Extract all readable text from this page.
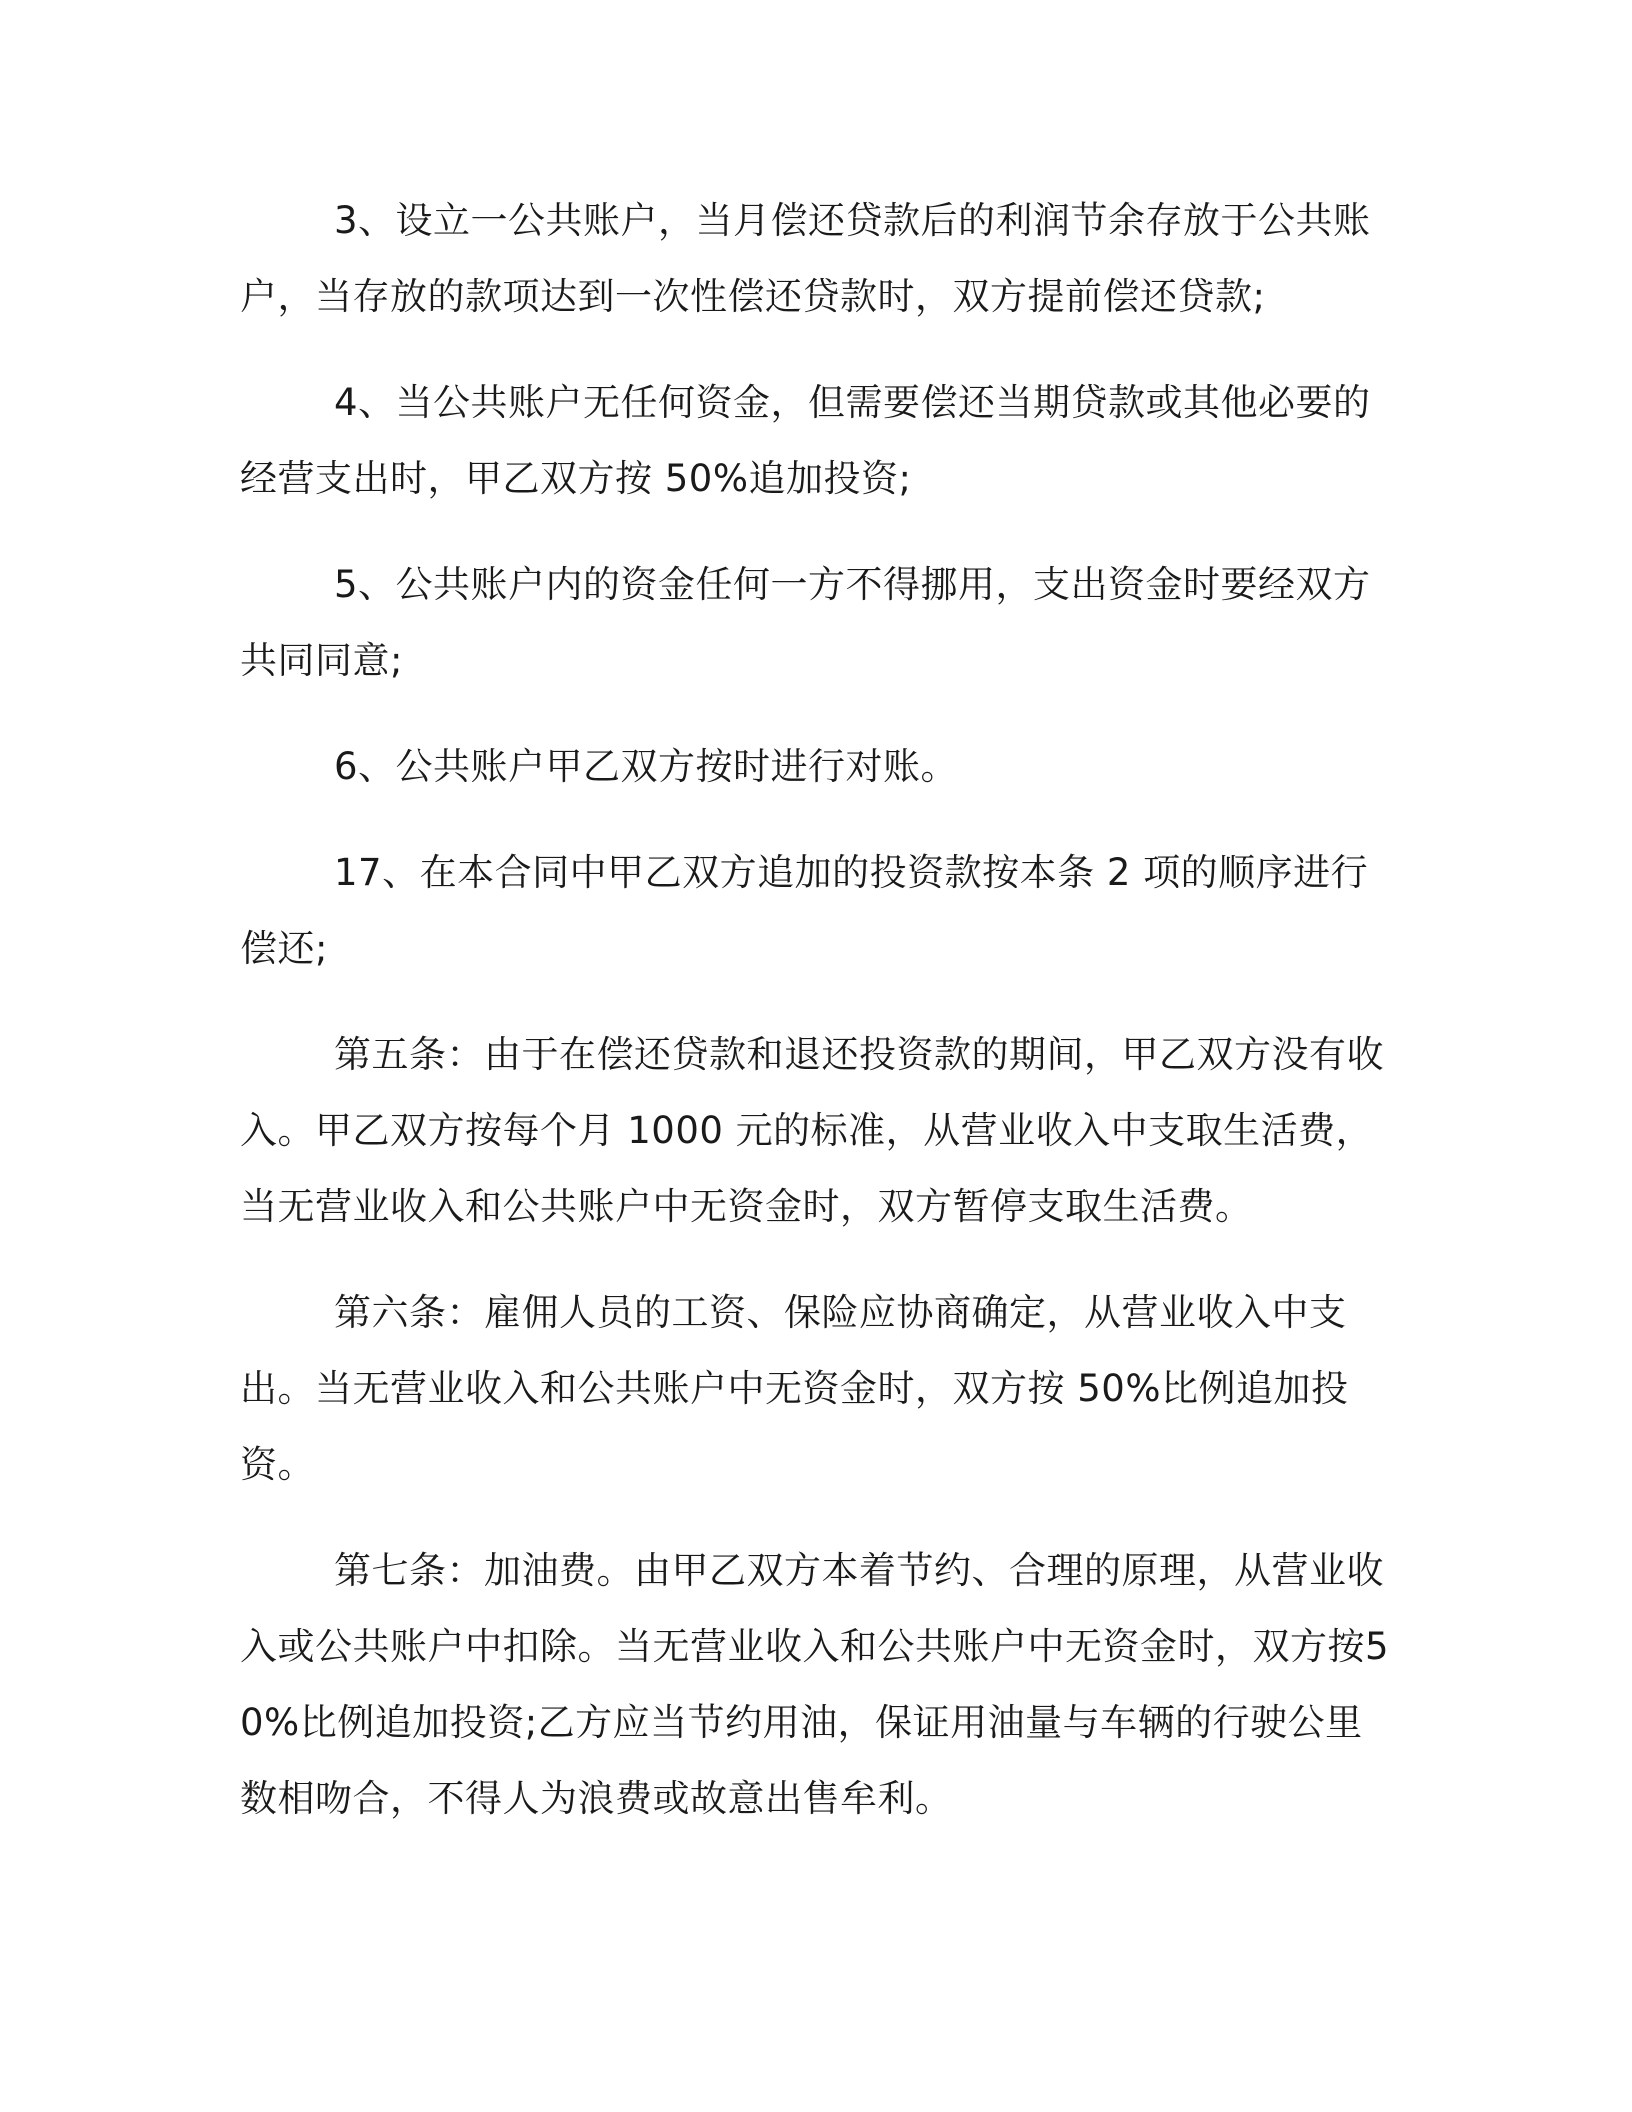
3、设立一公共账户，当月偿还贷款后的利润节余存放于公共账户，当存放的款项达到一次性偿还贷款时，双方提前偿还贷款;

4、当公共账户无任何资金，但需要偿还当期贷款或其他必要的经营支出时，甲乙双方按 50%追加投资;

5、公共账户内的资金任何一方不得挪用，支出资金时要经双方共同同意;

6、公共账户甲乙双方按时进行对账。

17、在本合同中甲乙双方追加的投资款按本条 2 项的顺序进行偿还;

第五条：由于在偿还贷款和退还投资款的期间，甲乙双方没有收入。甲乙双方按每个月 1000 元的标准，从营业收入中支取生活费，当无营业收入和公共账户中无资金时，双方暂停支取生活费。

第六条：雇佣人员的工资、保险应协商确定，从营业收入中支出。当无营业收入和公共账户中无资金时，双方按 50%比例追加投资。

第七条：加油费。由甲乙双方本着节约、合理的原理，从营业收入或公共账户中扣除。当无营业收入和公共账户中无资金时，双方按50%比例追加投资;乙方应当节约用油，保证用油量与车辆的行驶公里数相吻合，不得人为浪费或故意出售牟利。
